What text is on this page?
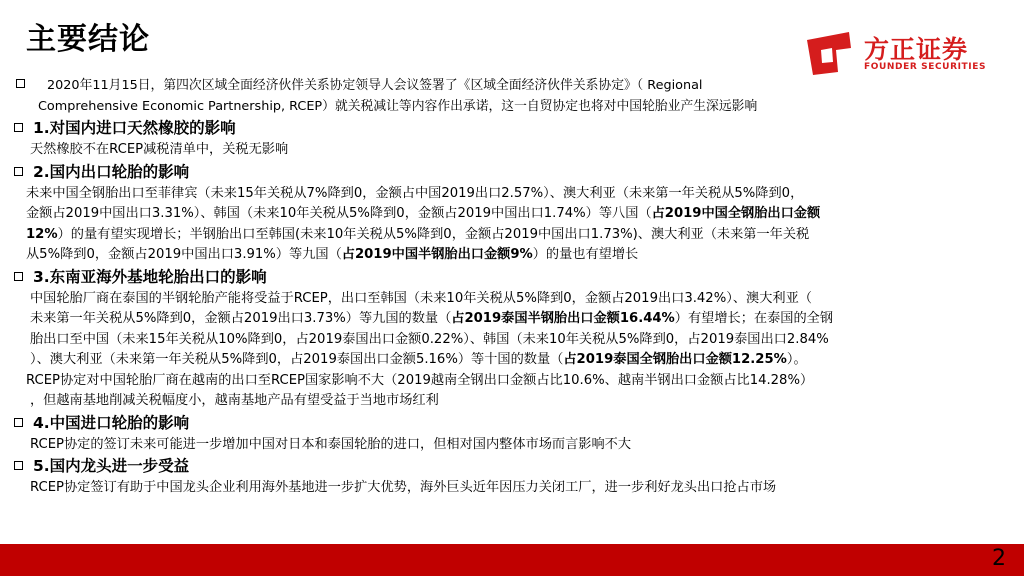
主要结论	方正证券
FOUNDER SECURITIES
2020年11月15日，第四次区域全面经济伙伴关系协定领导人会议签署了《区域全面经济伙伴关系协定》（ Regional
Comprehensive Economic Partnership, RCEP）就关税减让等内容作出承诺，这一自贸协定也将对中国轮胎业产生深远影响
1.对国内进口天然橡胶的影响
天然橡胶不在RCEP减税清单中，关税无影响
2.国内出口轮胎的影响
未来中国全钢胎出口至菲律宾（未来15年关税从7%降到0，金额占中国2019出口2.57%）、澳大利亚（未来第一年关税从5%降到0，
金额占2019中国出口3.31%）、韩国（未来10年关税从5%降到0，金额占2019中国出口1.74%）等八国（占2019中国全钢胎出口金额
12%）的量有望实现增长；半钢胎出口至韩国(未来10年关税从5%降到0，金额占2019中国出口1.73%)、澳大利亚（未来第一年关税
从5%降到0，金额占2019中国出口3.91%）等九国（占2019中国半钢胎出口金额9%）的量也有望增长
3.东南亚海外基地轮胎出口的影响
中国轮胎厂商在泰国的半钢轮胎产能将受益于RCEP，出口至韩国（未来10年关税从5%降到0，金额占2019出口3.42%）、澳大利亚（
未来第一年关税从5%降到0，金额占2019出口3.73%）等九国的数量（占2019泰国半钢胎出口金额16.44%）有望增长；在泰国的全钢
胎出口至中国（未来15年关税从10%降到0，占2019泰国出口金额0.22%）、韩国（未来10年关税从5%降到0，占2019泰国出口2.84%
）、澳大利亚（未来第一年关税从5%降到0，占2019泰国出口金额5.16%）等十国的数量（占2019泰国全钢胎出口金额12.25%）。
RCEP协定对中国轮胎厂商在越南的出口至RCEP国家影响不大（2019越南全钢出口金额占比10.6%、越南半钢出口金额占比14.28%）
，但越南基地削减关税幅度小，越南基地产品有望受益于当地市场红利
4.中国进口轮胎的影响
RCEP协定的签订未来可能进一步增加中国对日本和泰国轮胎的进口，但相对国内整体市场而言影响不大
5.国内龙头进一步受益
RCEP协定签订有助于中国龙头企业利用海外基地进一步扩大优势，海外巨头近年因压力关闭工厂，进一步利好龙头出口抢占市场
2
